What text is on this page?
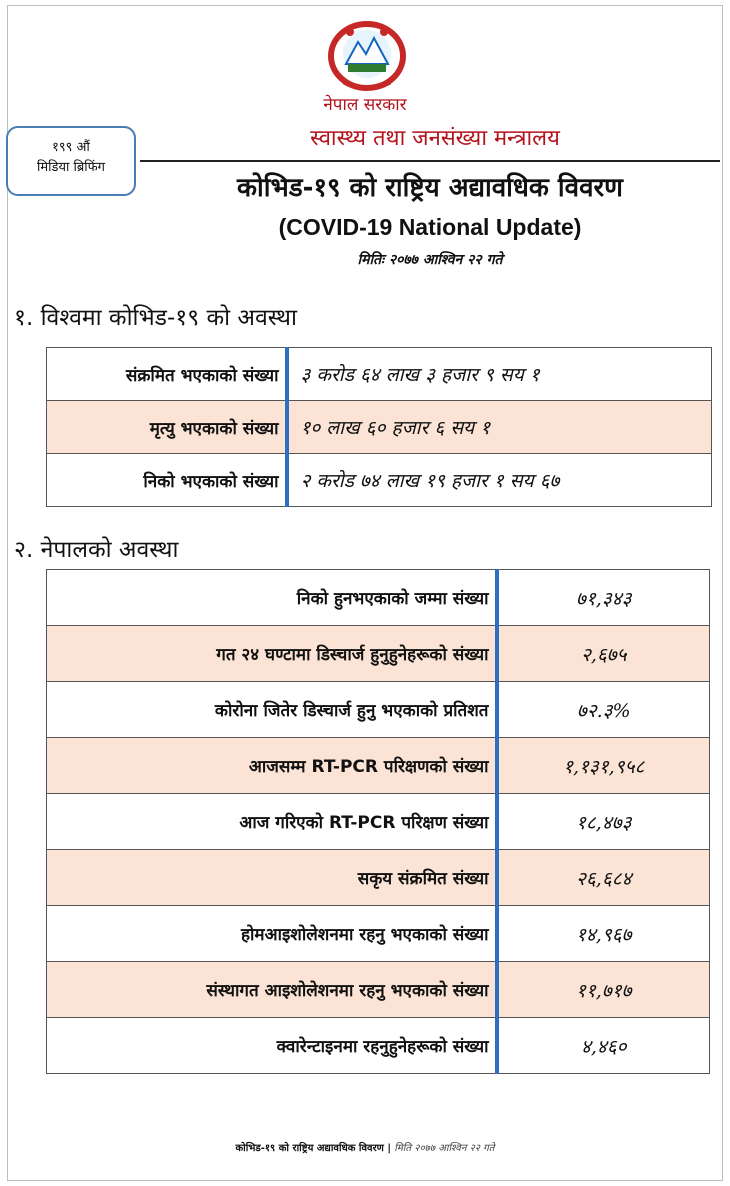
नेपाल सरकार
स्वास्थ्य तथा जनसंख्या मन्त्रालय
१९९ औं
मिडिया ब्रिफिंग
कोभिड-१९ को राष्ट्रिय अद्यावधिक विवरण
(COVID-19 National Update)
मितिः २०७७ आश्विन २२ गते
१. विश्वमा कोभिड-१९ को अवस्था
संक्रमित भएकाको संख्या	३ करोड ६४ लाख ३ हजार ९ सय १
मृत्यु भएकाको संख्या	१० लाख ६० हजार ६ सय १
निको भएकाको संख्या	२ करोड ७४ लाख १९ हजार १ सय ६७
२. नेपालको अवस्था
निको हुनभएकाको जम्मा संख्या	७१,३४३
गत २४ घण्टामा डिस्चार्ज हुनुहुनेहरूको संख्या	२,६७५
कोरोना जितेर डिस्चार्ज हुनु भएकाको प्रतिशत	७२.३%
आजसम्म RT-PCR परिक्षणको संख्या	१,१३१,९५८
आज गरिएको RT-PCR परिक्षण संख्या	१८,४७३
सकृय संक्रमित संख्या	२६,६८४
होमआइशोलेशनमा रहनु भएकाको संख्या	१४,९६७
संस्थागत आइशोलेशनमा रहनु भएकाको संख्या	११,७१७
क्वारेन्टाइनमा रहनुहुनेहरूको संख्या	४,४६०
कोभिड-१९ को राष्ट्रिय अद्यावधिक विवरण | मिति २०७७ आश्विन २२ गते
